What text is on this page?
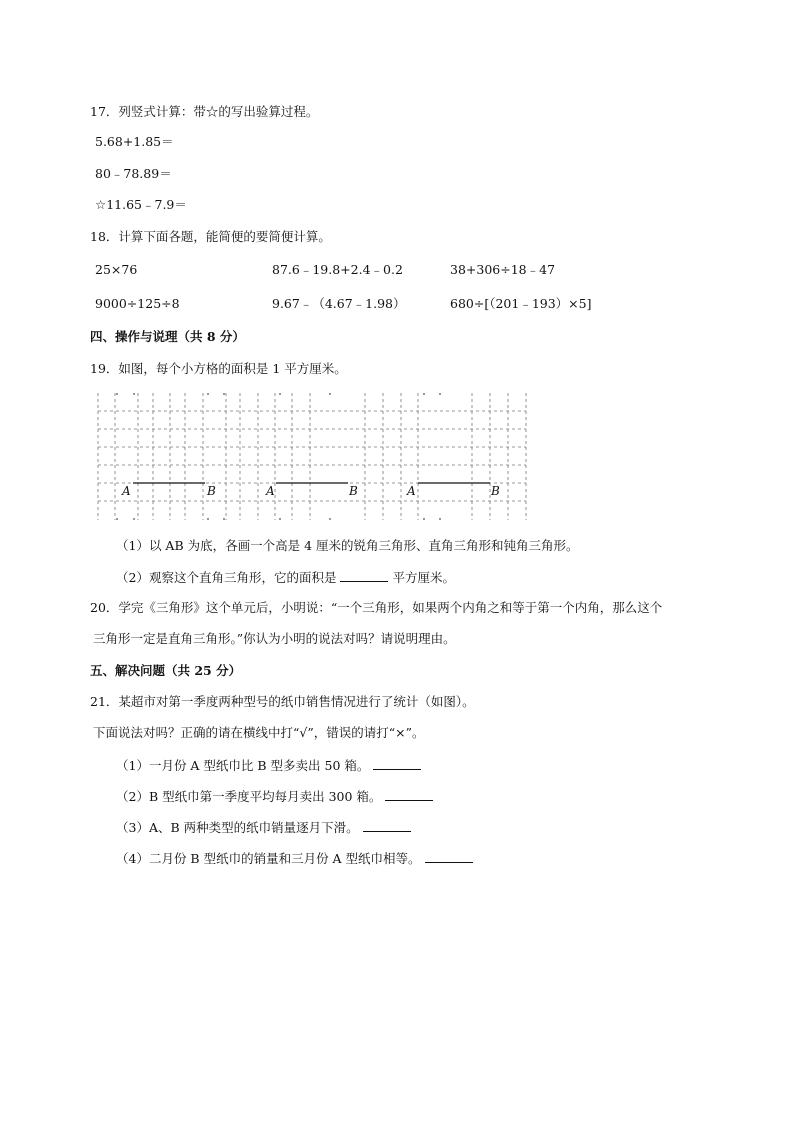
17．列竖式计算：带☆的写出验算过程。
5.68+1.85＝
80﹣78.89＝
☆11.65﹣7.9＝
18．计算下面各题，能简便的要简便计算。
25×76	87.6﹣19.8+2.4﹣0.2	38+306÷18﹣47
9000÷125÷8	9.67﹣（4.67﹣1.98）	680÷[（201﹣193）×5]
四、操作与说理（共 8 分）
19．如图，每个小方格的面积是 1 平方厘米。
A	B	A	B	A	B
（1）以 AB 为底，各画一个高是 4 厘米的锐角三角形、直角三角形和钝角三角形。
（2）观察这个直角三角形，它的面积是	平方厘米。
20．学完《三角形》这个单元后，小明说：“一个三角形，如果两个内角之和等于第一个内角，那么这个
三角形一定是直角三角形。”你认为小明的说法对吗？请说明理由。
五、解决问题（共 25 分）
21．某超市对第一季度两种型号的纸巾销售情况进行了统计（如图）。
下面说法对吗？正确的请在横线中打“√”，错误的请打“×”。
（1）一月份 A 型纸巾比 B 型多卖出 50 箱。
（2）B 型纸巾第一季度平均每月卖出 300 箱。
（3）A、B 两种类型的纸巾销量逐月下滑。
（4）二月份 B 型纸巾的销量和三月份 A 型纸巾相等。
